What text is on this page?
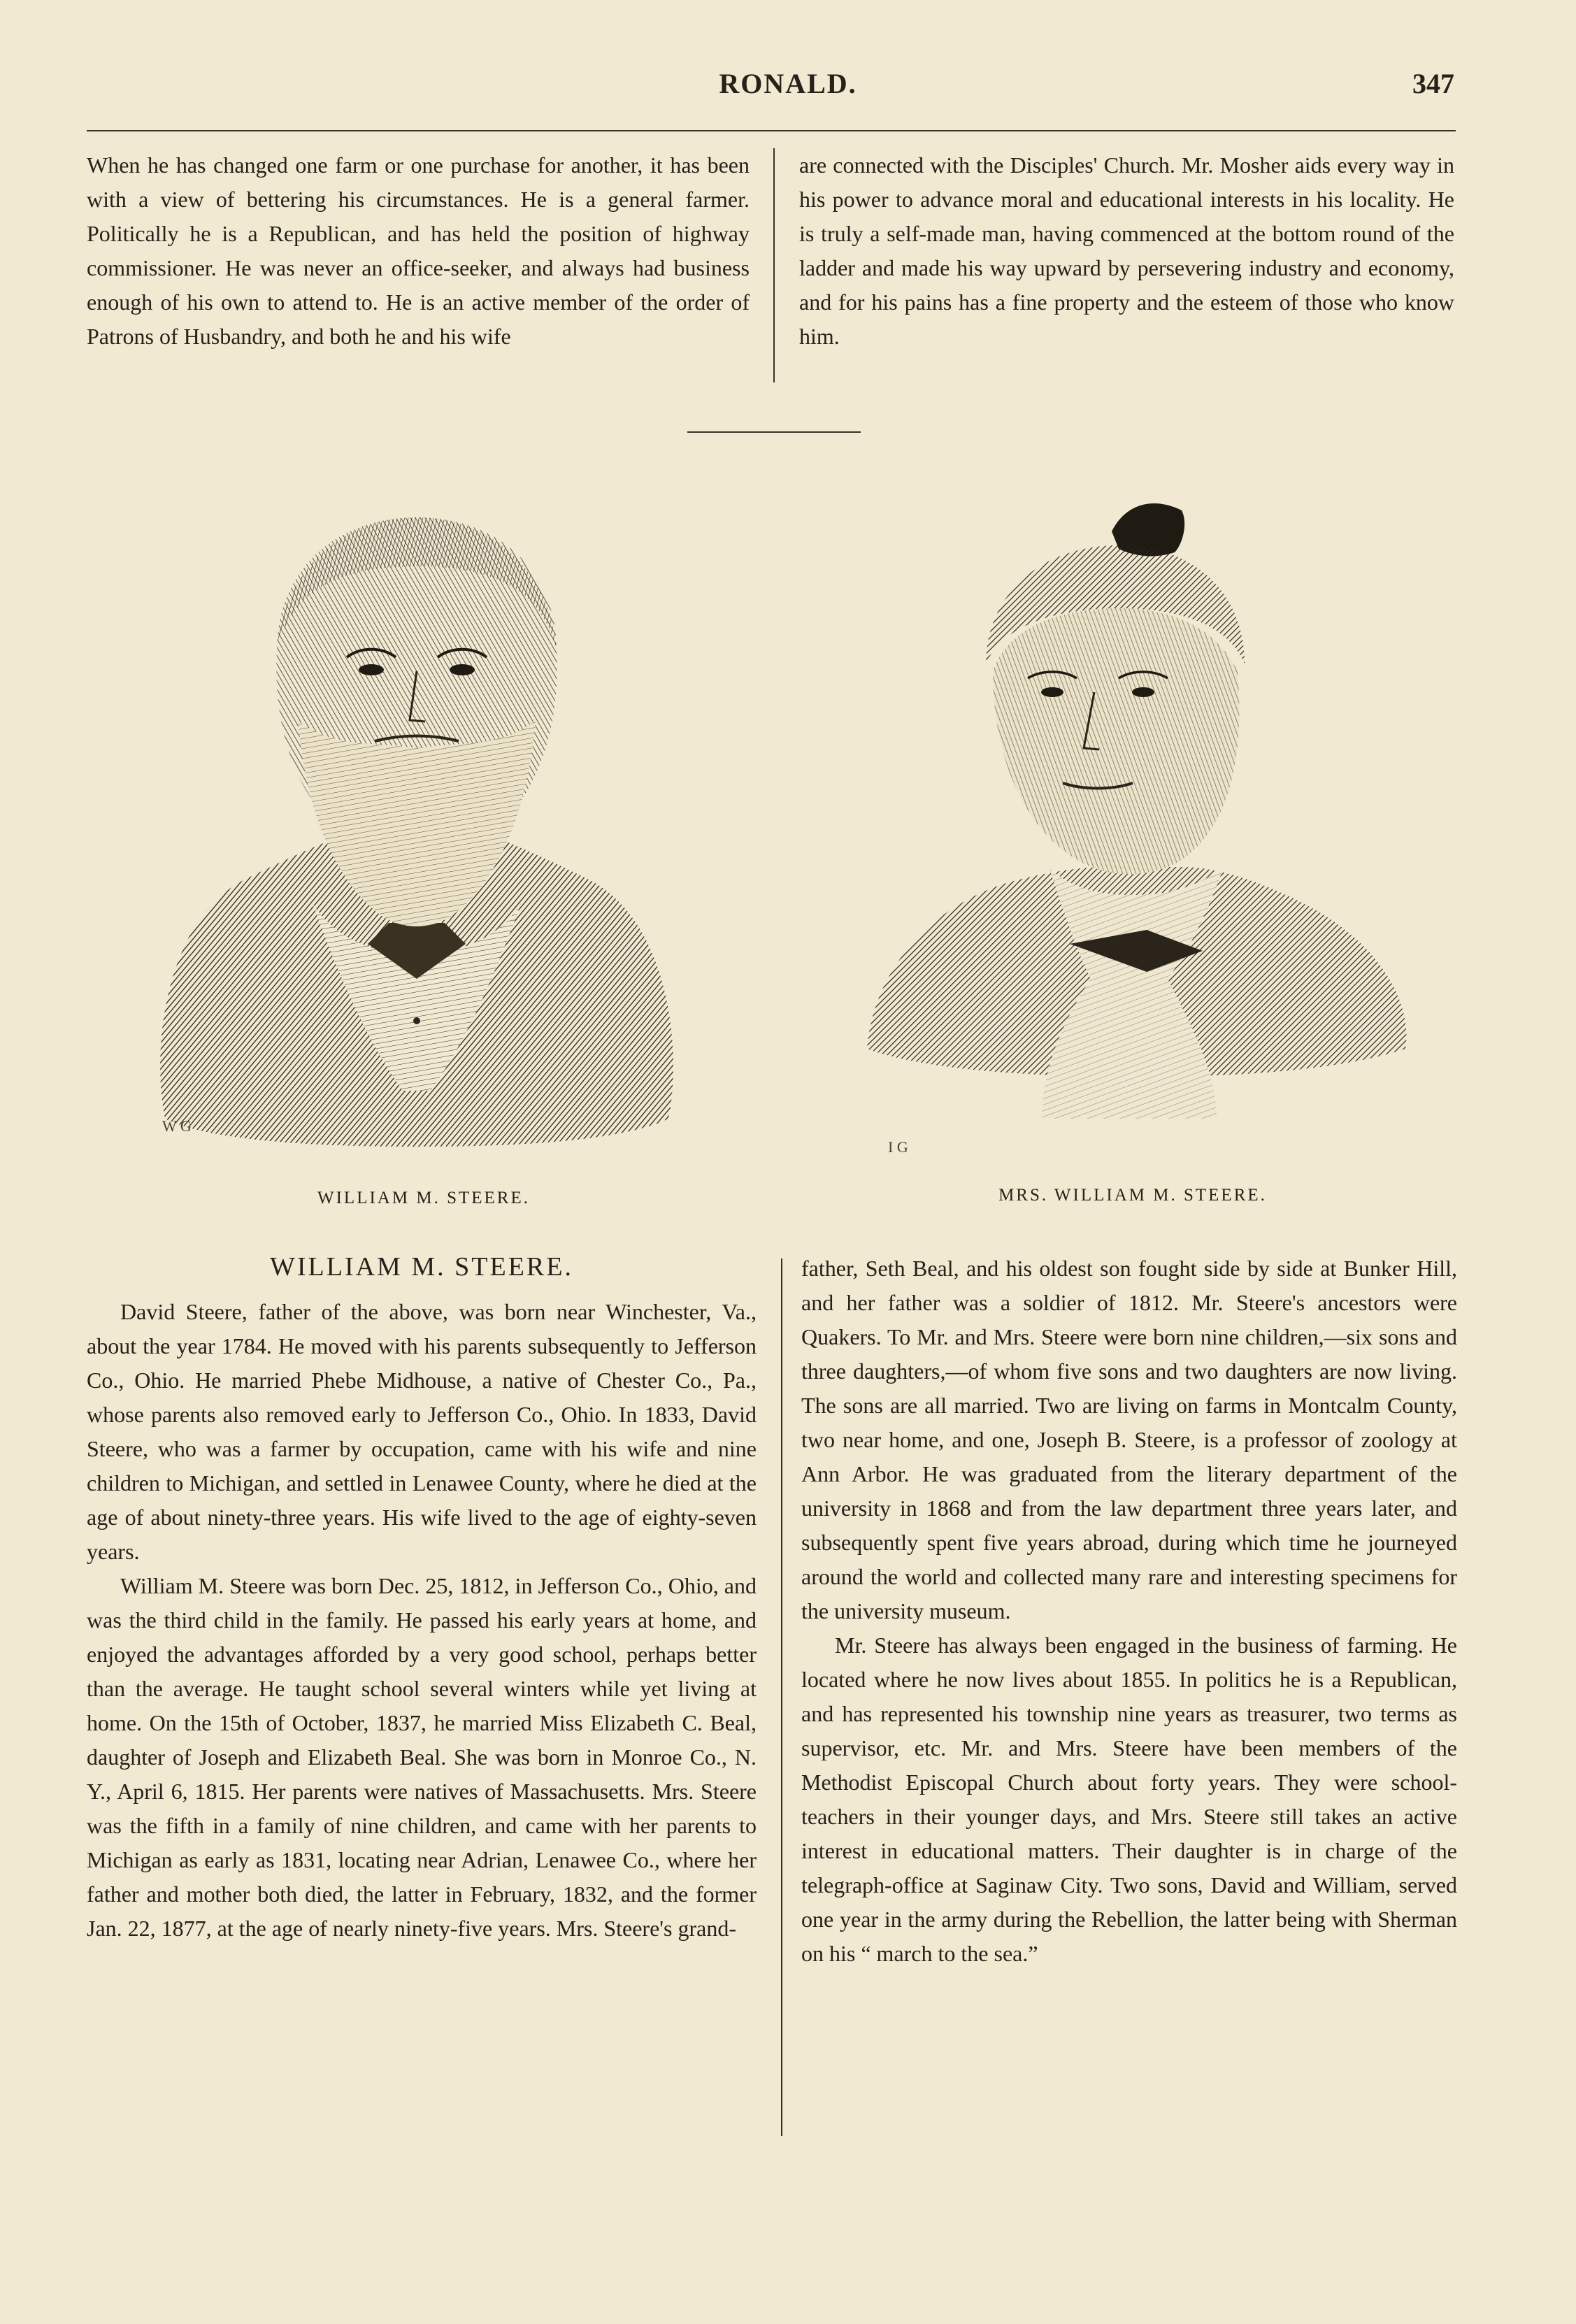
RONALD.	347

When he has changed one farm or one purchase for another, it has been with a view of bettering his circumstances. He is a general farmer. Politically he is a Republican, and has held the position of highway commissioner. He was never an office-seeker, and always had business enough of his own to attend to. He is an active member of the order of Patrons of Husbandry, and both he and his wife

are connected with the Disciples' Church. Mr. Mosher aids every way in his power to advance moral and educational interests in his locality. He is truly a self-made man, having commenced at the bottom round of the ladder and made his way upward by persevering industry and economy, and for his pains has a fine property and the esteem of those who know him.

W G
WILLIAM M. STEERE.
I G
MRS. WILLIAM M. STEERE.
WILLIAM M. STEERE.

David Steere, father of the above, was born near Winchester, Va., about the year 1784. He moved with his parents subsequently to Jefferson Co., Ohio. He married Phebe Midhouse, a native of Chester Co., Pa., whose parents also removed early to Jefferson Co., Ohio. In 1833, David Steere, who was a farmer by occupation, came with his wife and nine children to Michigan, and settled in Lenawee County, where he died at the age of about ninety-three years. His wife lived to the age of eighty-seven years.

William M. Steere was born Dec. 25, 1812, in Jefferson Co., Ohio, and was the third child in the family. He passed his early years at home, and enjoyed the advantages afforded by a very good school, perhaps better than the average. He taught school several winters while yet living at home. On the 15th of October, 1837, he married Miss Elizabeth C. Beal, daughter of Joseph and Elizabeth Beal. She was born in Monroe Co., N. Y., April 6, 1815. Her parents were natives of Massachusetts. Mrs. Steere was the fifth in a family of nine children, and came with her parents to Michigan as early as 1831, locating near Adrian, Lenawee Co., where her father and mother both died, the latter in February, 1832, and the former Jan. 22, 1877, at the age of nearly ninety-five years. Mrs. Steere's grand-

father, Seth Beal, and his oldest son fought side by side at Bunker Hill, and her father was a soldier of 1812. Mr. Steere's ancestors were Quakers. To Mr. and Mrs. Steere were born nine children,—six sons and three daughters,—of whom five sons and two daughters are now living. The sons are all married. Two are living on farms in Montcalm County, two near home, and one, Joseph B. Steere, is a professor of zoology at Ann Arbor. He was graduated from the literary department of the university in 1868 and from the law department three years later, and subsequently spent five years abroad, during which time he journeyed around the world and collected many rare and interesting specimens for the university museum.

Mr. Steere has always been engaged in the business of farming. He located where he now lives about 1855. In politics he is a Republican, and has represented his township nine years as treasurer, two terms as supervisor, etc. Mr. and Mrs. Steere have been members of the Methodist Episcopal Church about forty years. They were school-teachers in their younger days, and Mrs. Steere still takes an active interest in educational matters. Their daughter is in charge of the telegraph-office at Saginaw City. Two sons, David and William, served one year in the army during the Rebellion, the latter being with Sherman on his “ march to the sea.”
